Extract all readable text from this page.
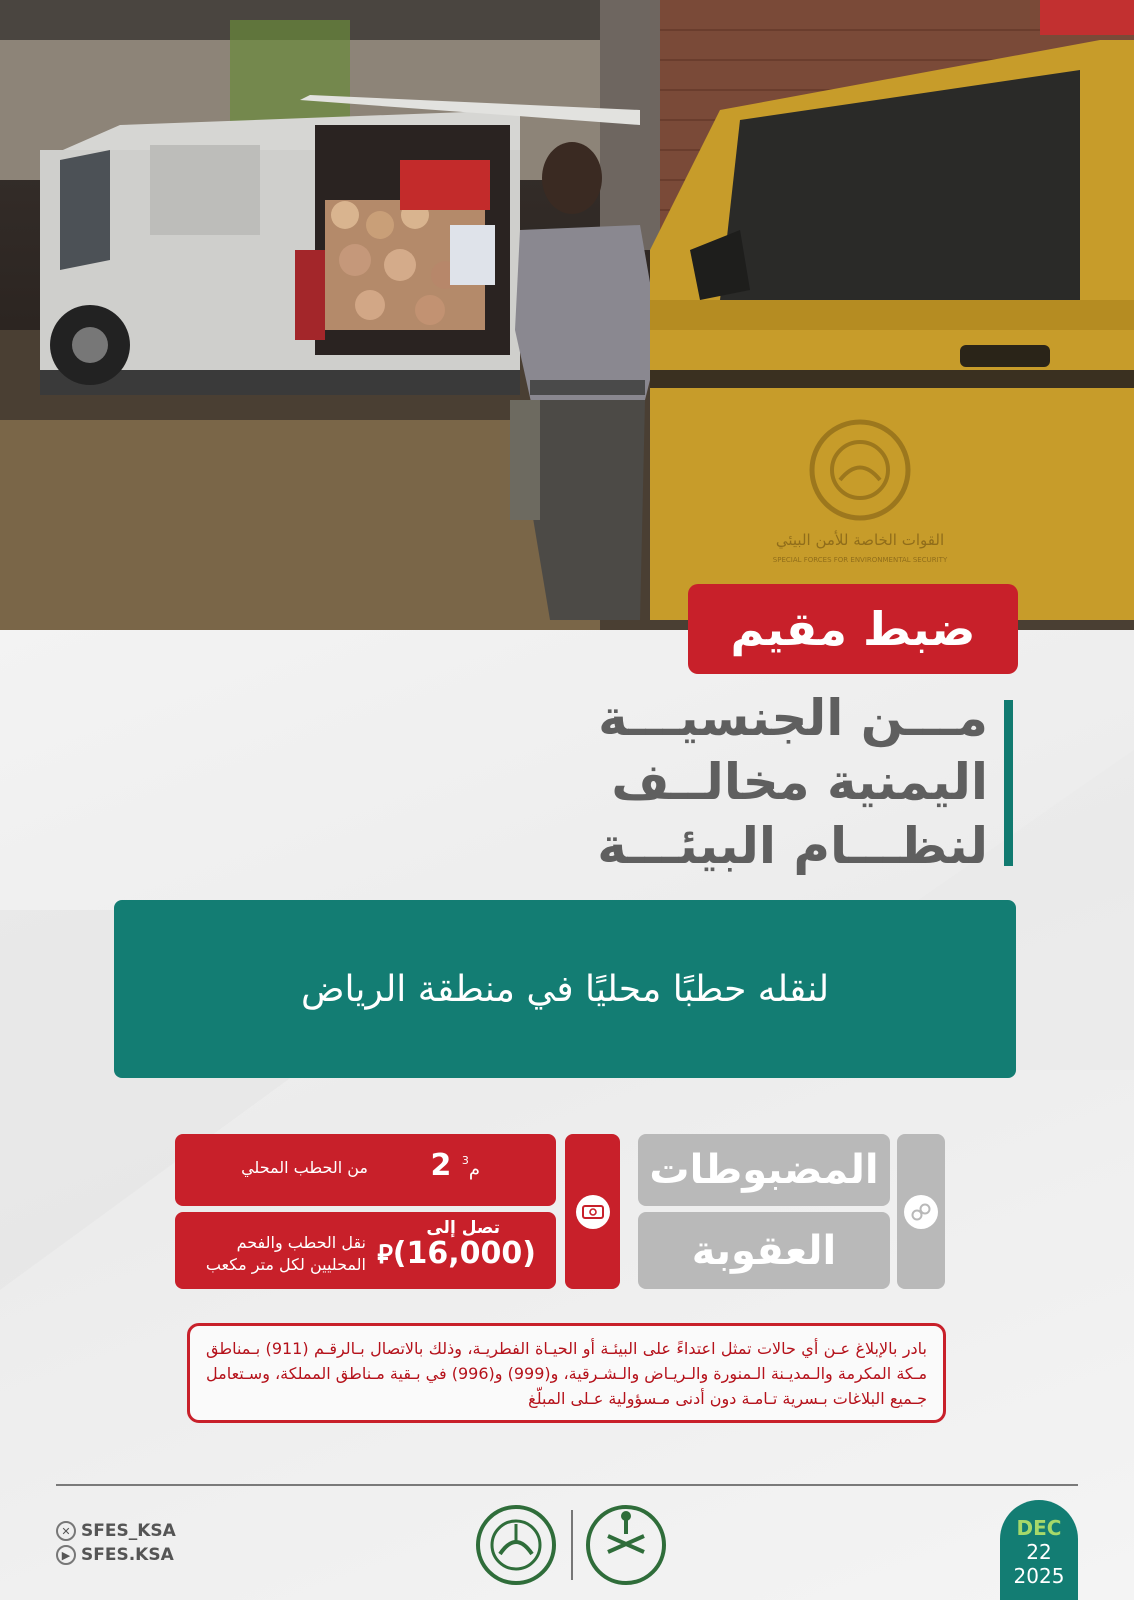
القوات الخاصة للأمن البيئي
SPECIAL FORCES FOR ENVIRONMENTAL SECURITY
ضبط مقيم
مـــن الجنسيـــة
اليمنية مخالــف
لنظـــام البيئـــة
لنقله حطبًا محليًا في منطقة الرياض
المضبوطات
العقوبة
2 م$^3$
من الحطب المحلي
تصل إلى
⃁(16,000)
نقل الحطب والفحم
المحليين لكل متر مكعب
بادر بالإبلاغ عـن أي حالات تمثل اعتداءً على البيئـة أو الحيـاة الفطريـة، وذلك بالاتصال بـالرقـم (911) بـمناطق مـكة المكرمة والـمديـنة الـمنورة والـريـاض والـشـرقية، و(999) و(996) في بـقية مـناطق المملكة، وسـتعامل جـميع البلاغات بـسرية تـامـة دون أدنى مـسؤولية عـلى المبلّغ
✕ SFES_KSA
▶ SFES.KSA
DEC
22
2025
